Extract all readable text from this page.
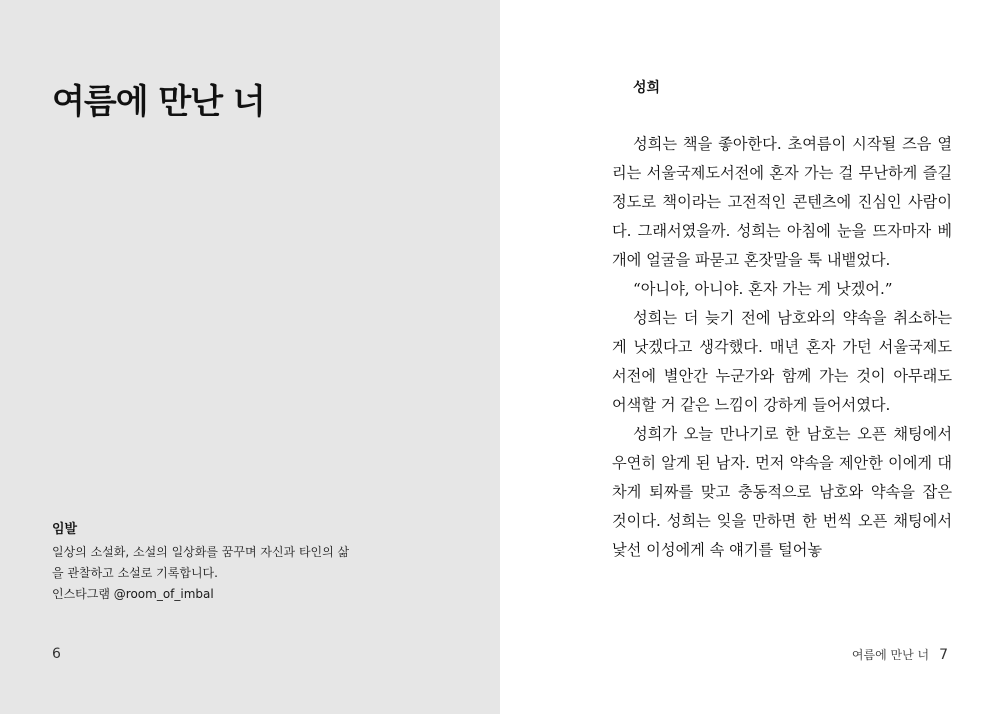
여름에 만난 너
임발
일상의 소설화, 소설의 일상화를 꿈꾸며 자신과 타인의 삶을 관찰하고 소설로 기록합니다.
인스타그램 @room_of_imbal
6
성희

성희는 책을 좋아한다. 초여름이 시작될 즈음 열리는 서울국제도서전에 혼자 가는 걸 무난하게 즐길 정도로 책이라는 고전적인 콘텐츠에 진심인 사람이다. 그래서였을까. 성희는 아침에 눈을 뜨자마자 베개에 얼굴을 파묻고 혼잣말을 툭 내뱉었다.

“아니야, 아니야. 혼자 가는 게 낫겠어.”

성희는 더 늦기 전에 남호와의 약속을 취소하는 게 낫겠다고 생각했다. 매년 혼자 가던 서울국제도서전에 별안간 누군가와 함께 가는 것이 아무래도 어색할 거 같은 느낌이 강하게 들어서였다.

성희가 오늘 만나기로 한 남호는 오픈 채팅에서 우연히 알게 된 남자. 먼저 약속을 제안한 이에게 대차게 퇴짜를 맞고 충동적으로 남호와 약속을 잡은 것이다. 성희는 잊을 만하면 한 번씩 오픈 채팅에서 낯선 이성에게 속 얘기를 털어놓

여름에 만난 너 7
